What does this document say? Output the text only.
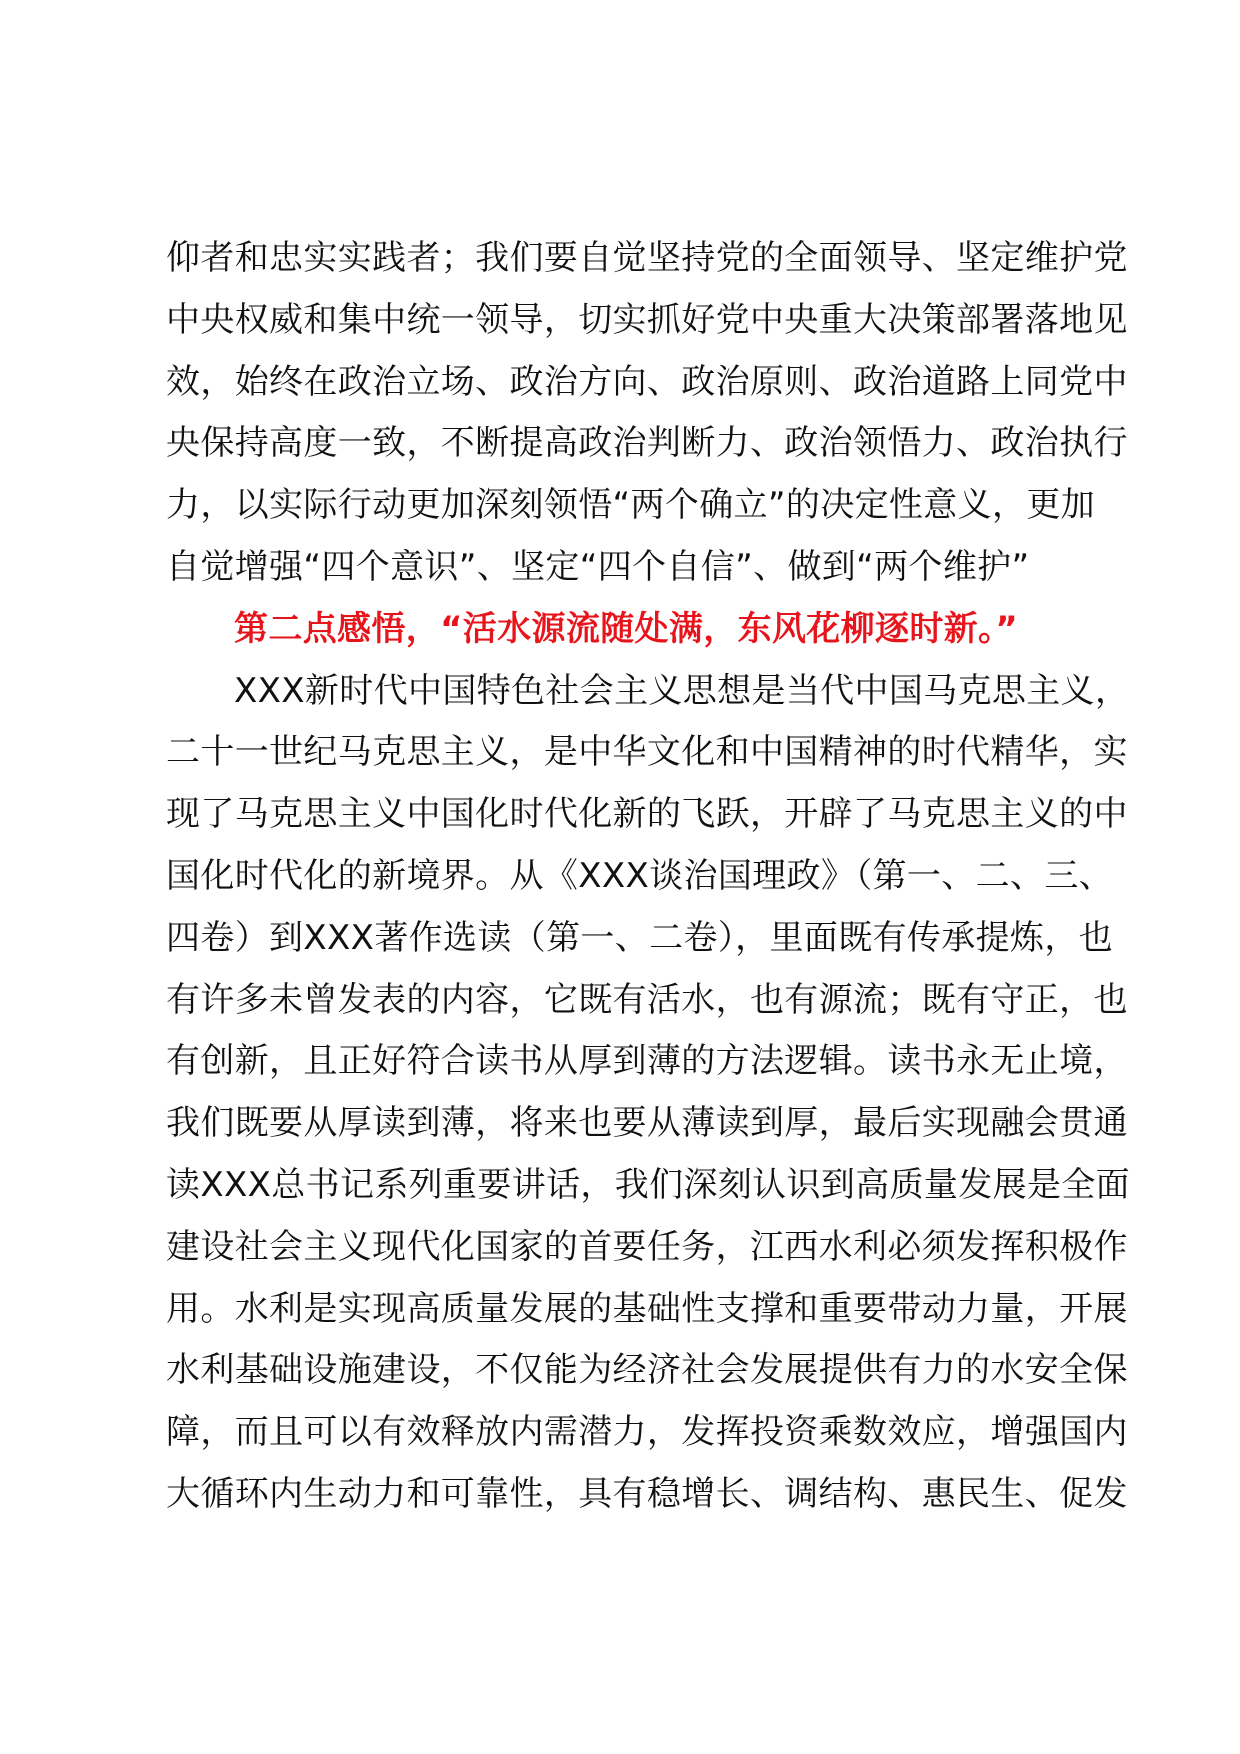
仰者和忠实实践者；我们要自觉坚持党的全面领导、坚定维护党
中央权威和集中统一领导，切实抓好党中央重大决策部署落地见
效，始终在政治立场、政治方向、政治原则、政治道路上同党中
央保持高度一致，不断提高政治判断力、政治领悟力、政治执行
力，以实际行动更加深刻领悟“两个确立”的决定性意义，更加
自觉增强“四个意识”、坚定“四个自信”、做到“两个维护”
第二点感悟，“活水源流随处满，东风花柳逐时新。”
XXX新时代中国特色社会主义思想是当代中国马克思主义，
二十一世纪马克思主义，是中华文化和中国精神的时代精华，实
现了马克思主义中国化时代化新的飞跃，开辟了马克思主义的中
国化时代化的新境界。从《XXX谈治国理政》（第一、二、三、
四卷）到XXX著作选读（第一、二卷），里面既有传承提炼，也
有许多未曾发表的内容，它既有活水，也有源流；既有守正，也
有创新，且正好符合读书从厚到薄的方法逻辑。读书永无止境，
我们既要从厚读到薄，将来也要从薄读到厚，最后实现融会贯通
读XXX总书记系列重要讲话，我们深刻认识到高质量发展是全面
建设社会主义现代化国家的首要任务，江西水利必须发挥积极作
用。水利是实现高质量发展的基础性支撑和重要带动力量，开展
水利基础设施建设，不仅能为经济社会发展提供有力的水安全保
障，而且可以有效释放内需潜力，发挥投资乘数效应，增强国内
大循环内生动力和可靠性，具有稳增长、调结构、惠民生、促发
